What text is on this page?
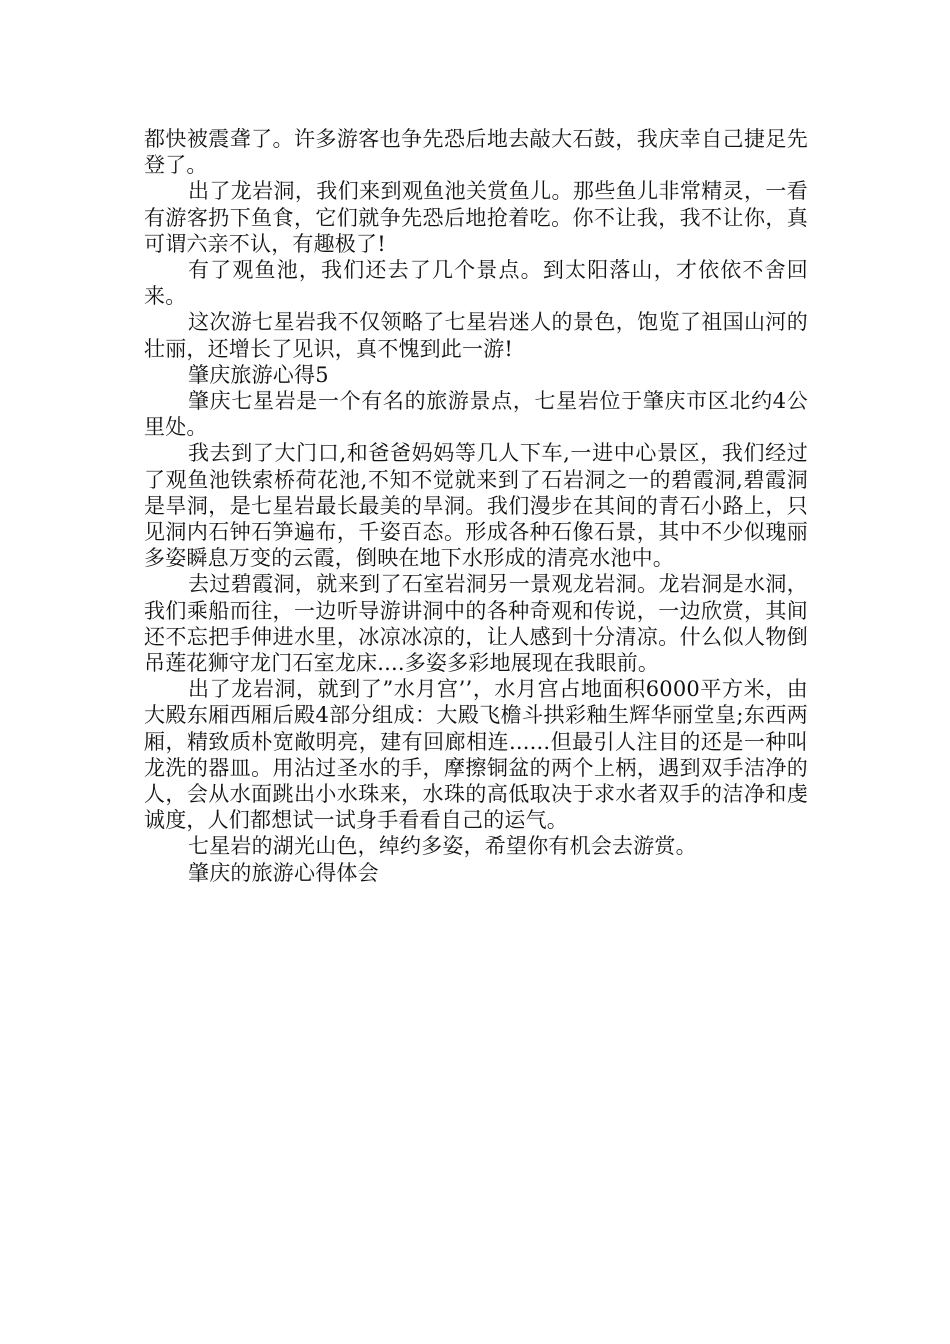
都快被震聋了。许多游客也争先恐后地去敲大石鼓，我庆幸自己捷足先登了。

出了龙岩洞，我们来到观鱼池关赏鱼儿。那些鱼儿非常精灵，一看有游客扔下鱼食，它们就争先恐后地抢着吃。你不让我，我不让你，真可谓六亲不认，有趣极了!

有了观鱼池，我们还去了几个景点。到太阳落山，才依依不舍回来。

这次游七星岩我不仅领略了七星岩迷人的景色，饱览了祖国山河的壮丽，还增长了见识，真不愧到此一游!

肇庆旅游心得5

肇庆七星岩是一个有名的旅游景点，七星岩位于肇庆市区北约4公里处。

我去到了大门口,和爸爸妈妈等几人下车,一进中心景区，我们经过了观鱼池铁索桥荷花池,不知不觉就来到了石岩洞之一的碧霞洞,碧霞洞是旱洞，是七星岩最长最美的旱洞。我们漫步在其间的青石小路上，只见洞内石钟石笋遍布，千姿百态。形成各种石像石景，其中不少似瑰丽多姿瞬息万变的云霞，倒映在地下水形成的清亮水池中。

去过碧霞洞，就来到了石室岩洞另一景观龙岩洞。龙岩洞是水洞，我们乘船而往，一边听导游讲洞中的各种奇观和传说，一边欣赏，其间还不忘把手伸进水里，冰凉冰凉的，让人感到十分清凉。什么似人物倒吊莲花狮守龙门石室龙床....多姿多彩地展现在我眼前。

出了龙岩洞，就到了”水月宫’’，水月宫占地面积6000平方米，由大殿东厢西厢后殿4部分组成：大殿飞檐斗拱彩釉生辉华丽堂皇;东西两厢，精致质朴宽敞明亮，建有回廊相连......但最引人注目的还是一种叫龙洗的器皿。用沾过圣水的手，摩擦铜盆的两个上柄，遇到双手洁净的人，会从水面跳出小水珠来，水珠的高低取决于求水者双手的洁净和虔诚度，人们都想试一试身手看看自己的运气。

七星岩的湖光山色，绰约多姿，希望你有机会去游赏。

肇庆的旅游心得体会
